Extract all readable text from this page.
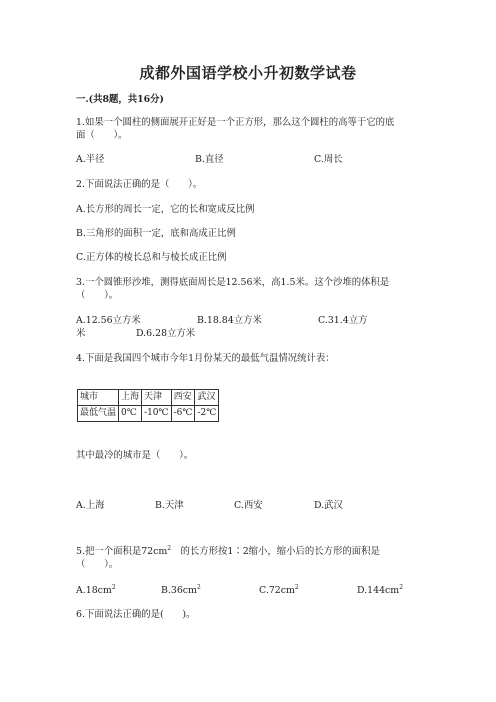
成都外国语学校小升初数学试卷
一.(共8题，共16分)
1.如果一个圆柱的侧面展开正好是一个正方形，那么这个圆柱的高等于它的底
面（　　）。
A.半径	B.直径	C.周长
2.下面说法正确的是（　　）。
A.长方形的周长一定，它的长和宽成反比例
B.三角形的面积一定，底和高成正比例
C.正方体的棱长总和与棱长成正比例
3.一个圆锥形沙堆，测得底面周长是12.56米，高1.5米。这个沙堆的体积是
（　　）。
A.12.56立方米	B.18.84立方米	C.31.4立方
米	D.6.28立方米
4.下面是我国四个城市今年1月份某天的最低气温情况统计表：
城市	上海	天津	西安	武汉
最低气温	0℃	-10℃	-6℃	-2℃
其中最冷的城市是（　　）。
A.上海	B.天津	C.西安	D.武汉
5.把一个面积是$72cm^2$　 的长方形按1∶2缩小，缩小后的长方形的面积是
（　　）。
$A.18cm^2$	$B.36cm^2$	$C.72cm^2$	$D.144cm^2$
6.下面说法正确的是(　　)。
